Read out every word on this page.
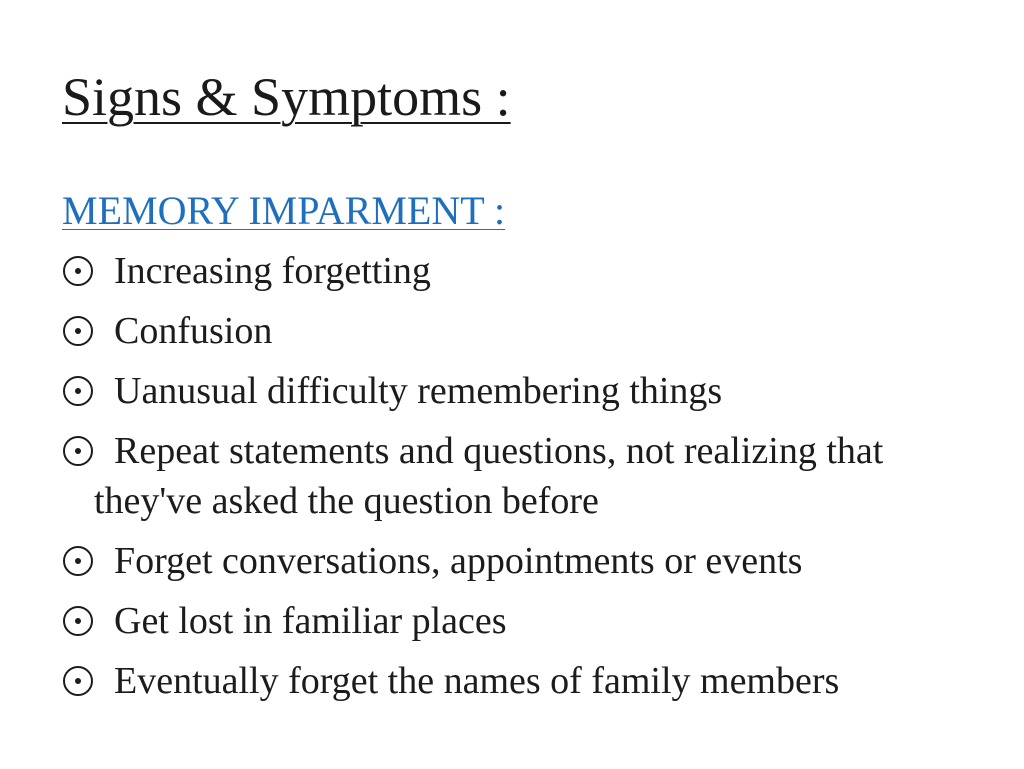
Signs & Symptoms :
MEMORY IMPARMENT :
Increasing forgetting
Confusion
Uanusual difficulty remembering things
Repeat statements and questions, not realizing that they've asked the question before
Forget conversations, appointments or events
Get lost in familiar places
Eventually forget the names of family members
